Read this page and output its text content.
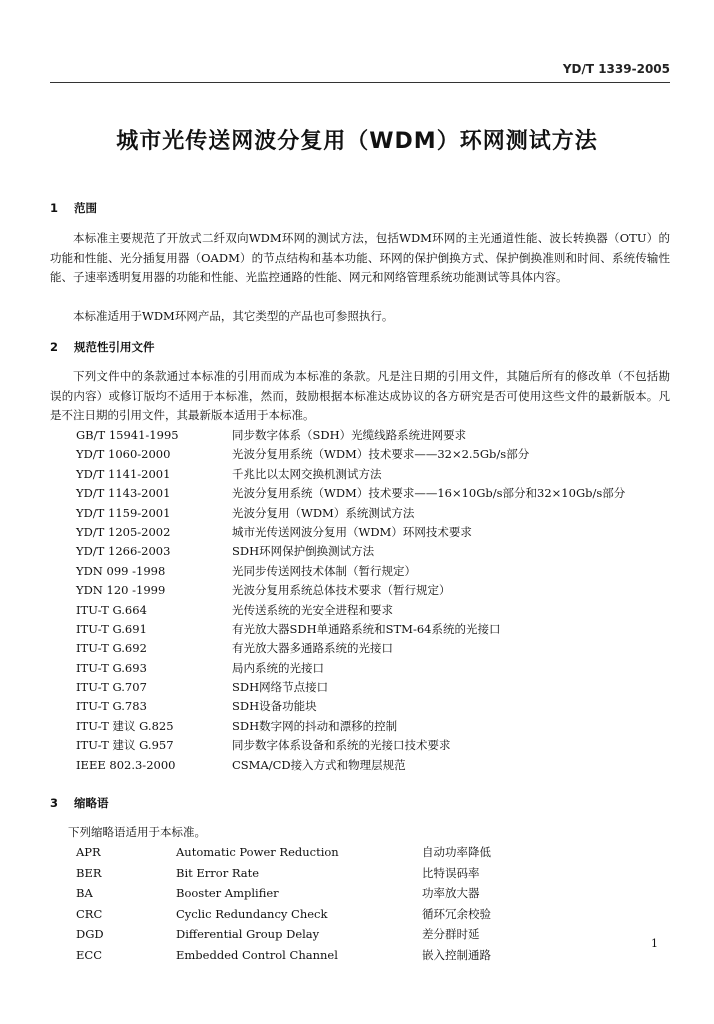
YD/T 1339-2005
城市光传送网波分复用（WDM）环网测试方法
1 范围
本标准主要规范了开放式二纤双向WDM环网的测试方法，包括WDM环网的主光通道性能、波长转换器（OTU）的功能和性能、光分插复用器（OADM）的节点结构和基本功能、环网的保护倒换方式、保护倒换准则和时间、系统传输性能、子速率透明复用器的功能和性能、光监控通路的性能、网元和网络管理系统功能测试等具体内容。
本标准适用于WDM环网产品，其它类型的产品也可参照执行。
2 规范性引用文件
下列文件中的条款通过本标准的引用而成为本标准的条款。凡是注日期的引用文件，其随后所有的修改单（不包括勘误的内容）或修订版均不适用于本标准，然而，鼓励根据本标准达成协议的各方研究是否可使用这些文件的最新版本。凡是不注日期的引用文件，其最新版本适用于本标准。
GB/T 15941-1995	同步数字体系（SDH）光缆线路系统进网要求
YD/T 1060-2000	光波分复用系统（WDM）技术要求——32×2.5Gb/s部分
YD/T 1141-2001	千兆比以太网交换机测试方法
YD/T 1143-2001	光波分复用系统（WDM）技术要求——16×10Gb/s部分和32×10Gb/s部分
YD/T 1159-2001	光波分复用（WDM）系统测试方法
YD/T 1205-2002	城市光传送网波分复用（WDM）环网技术要求
YD/T 1266-2003	SDH环网保护倒换测试方法
YDN 099 -1998	光同步传送网技术体制（暂行规定）
YDN 120 -1999	光波分复用系统总体技术要求（暂行规定）
ITU-T G.664	光传送系统的光安全进程和要求
ITU-T G.691	有光放大器SDH单通路系统和STM-64系统的光接口
ITU-T G.692	有光放大器多通路系统的光接口
ITU-T G.693	局内系统的光接口
ITU-T G.707	SDH网络节点接口
ITU-T G.783	SDH设备功能块
ITU-T 建议 G.825	SDH数字网的抖动和漂移的控制
ITU-T 建议 G.957	同步数字体系设备和系统的光接口技术要求
IEEE 802.3-2000	CSMA/CD接入方式和物理层规范
3 缩略语
下列缩略语适用于本标准。
APR	Automatic Power Reduction	自动功率降低
BER	Bit Error Rate	比特误码率
BA	Booster Amplifier	功率放大器
CRC	Cyclic Redundancy Check	循环冗余校验
DGD	Differential Group Delay	差分群时延
ECC	Embedded Control Channel	嵌入控制通路
1
